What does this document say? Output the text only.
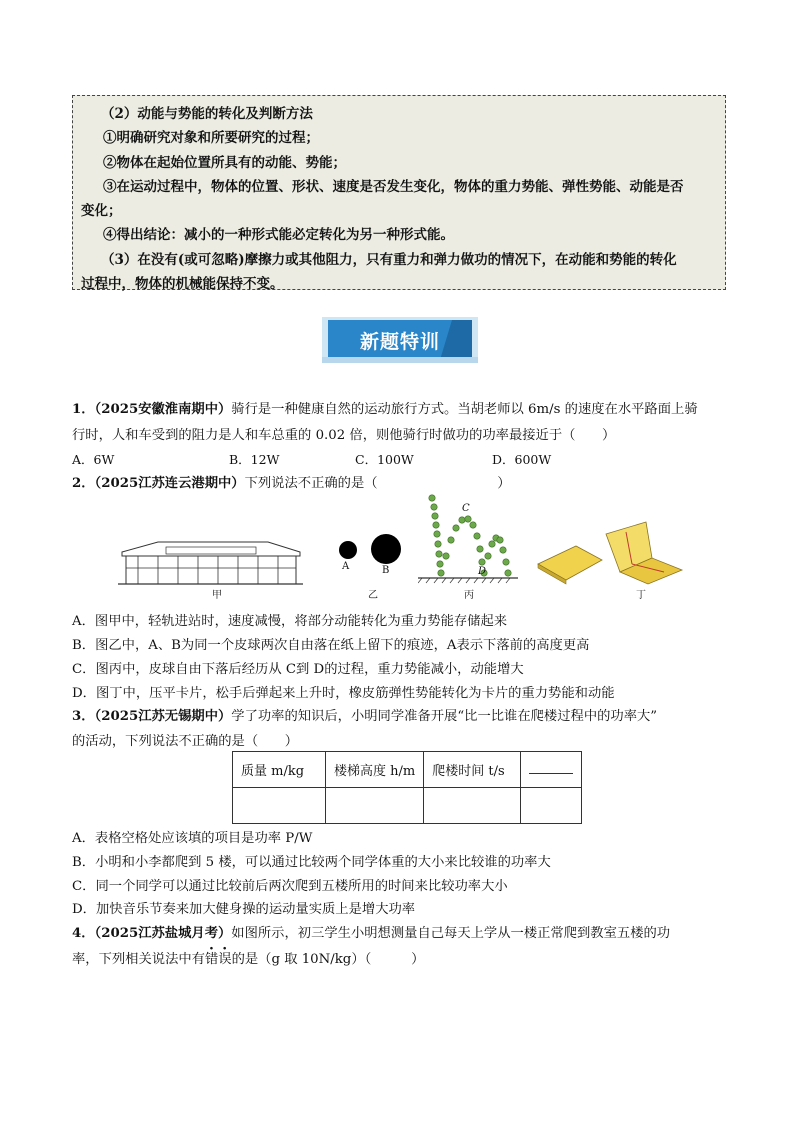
（2）动能与势能的转化及判断方法

①明确研究对象和所要研究的过程；

②物体在起始位置所具有的动能、势能；

③在运动过程中，物体的位置、形状、速度是否发生变化，物体的重力势能、弹性势能、动能是否

变化；

④得出结论：减小的一种形式能必定转化为另一种形式能。

（3）在没有(或可忽略)摩擦力或其他阻力，只有重力和弹力做功的情况下，在动能和势能的转化

过程中，物体的机械能保持不变。

新题特训
1．（2025安徽淮南期中）骑行是一种健康自然的运动旅行方式。当胡老师以 6m/s 的速度在水平路面上骑
行时，人和车受到的阻力是人和车总重的 0.02 倍，则他骑行时做功的功率最接近于（　　）
A．6W	B．12W	C．100W	D．600W
2．（2025江苏连云港期中）下列说法不正确的是（　　　　　　　　　）
甲
A	B
乙
C
D
丙	丁
A．图甲中，轻轨进站时，速度减慢，将部分动能转化为重力势能存储起来
B．图乙中，A、B为同一个皮球两次自由落在纸上留下的痕迹，A表示下落前的高度更高
C．图丙中，皮球自由下落后经历从 C到 D的过程，重力势能减小，动能增大
D．图丁中，压平卡片，松手后弹起来上升时，橡皮筋弹性势能转化为卡片的重力势能和动能
3．（2025江苏无锡期中）学了功率的知识后，小明同学准备开展“比一比谁在爬楼过程中的功率大”
的活动，下列说法不正确的是（　　）
质量 m/kg	楼梯高度 h/m	爬楼时间 t/s	

A．表格空格处应该填的项目是功率 P/W
B．小明和小李都爬到 5 楼，可以通过比较两个同学体重的大小来比较谁的功率大
C．同一个同学可以通过比较前后两次爬到五楼所用的时间来比较功率大小
D．加快音乐节奏来加大健身操的运动量实质上是增大功率
4．（2025江苏盐城月考）如图所示，初三学生小明想测量自己每天上学从一楼正常爬到教室五楼的功
率，下列相关说法中有错误的是（g 取 10N/kg）（　　　）
